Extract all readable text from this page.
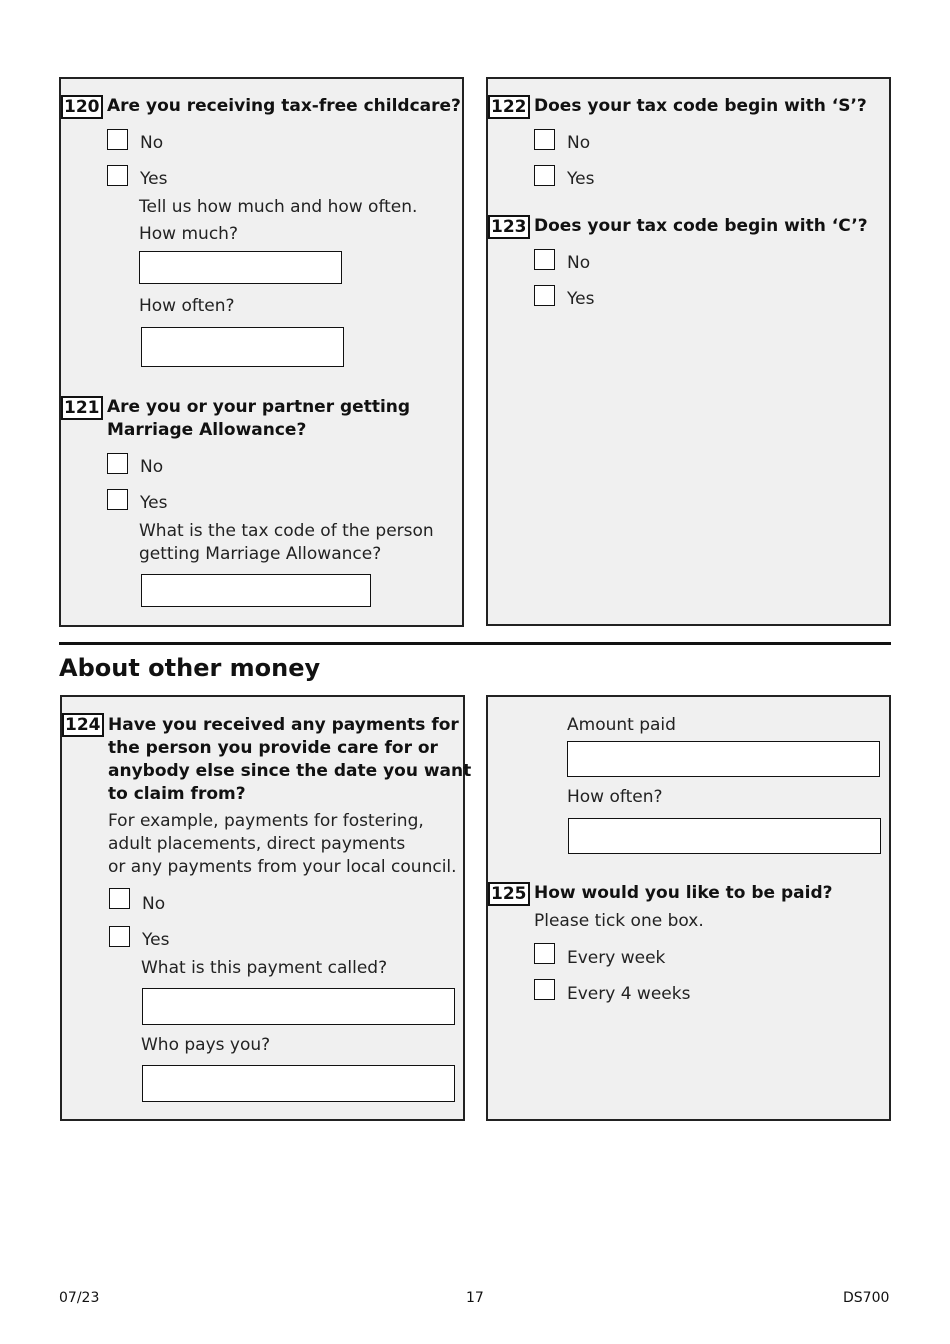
120 Are you receiving tax-free childcare?
No
Yes
Tell us how much and how often.
How much?
How often?
121 Are you or your partner getting
Marriage Allowance?
No
Yes
What is the tax code of the person
getting Marriage Allowance?
122 Does your tax code begin with ‘S’?
No
Yes
123 Does your tax code begin with ‘C’?
No
Yes
About other money
124 Have you received any payments for
the person you provide care for or
anybody else since the date you want
to claim from?
For example, payments for fostering,
adult placements, direct payments
or any payments from your local council.
No
Yes
What is this payment called?
Who pays you?
Amount paid
How often?
125 How would you like to be paid?
Please tick one box.
Every week
Every 4 weeks
07/23	17	DS700
